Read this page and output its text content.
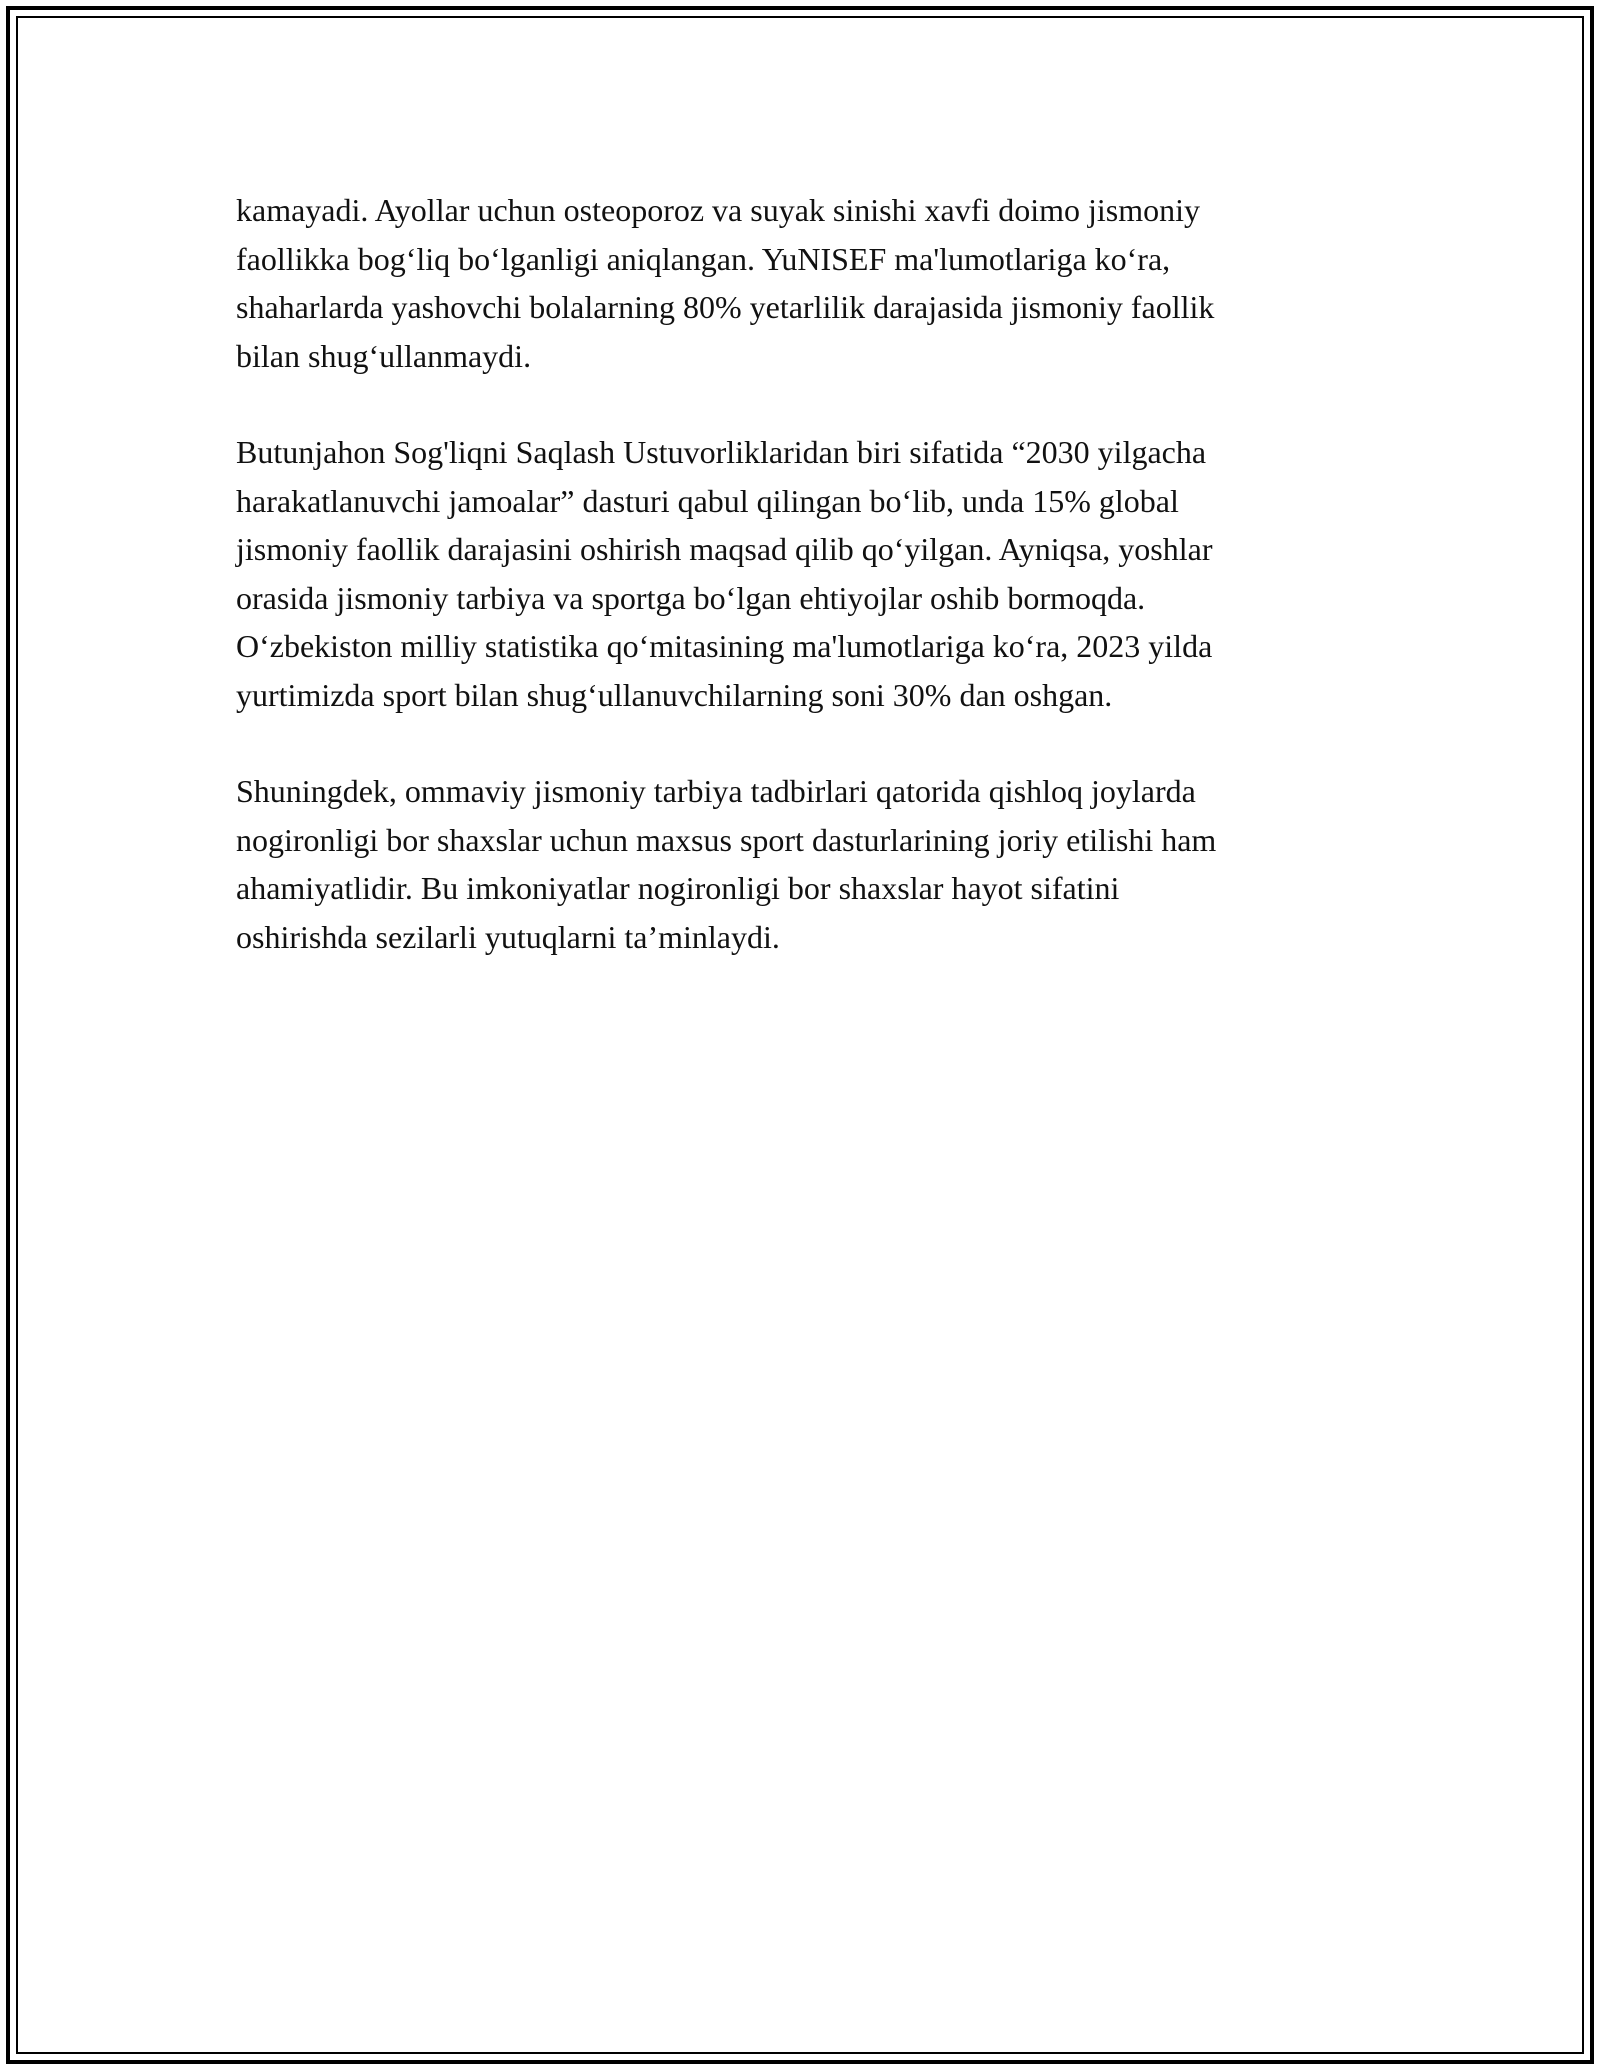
kamayadi. Ayollar uchun osteoporoz va suyak sinishi xavfi doimo jismoniy
faollikka bog‘liq bo‘lganligi aniqlangan. YuNISEF ma'lumotlariga ko‘ra,
shaharlarda yashovchi bolalarning 80% yetarlilik darajasida jismoniy faollik
bilan shug‘ullanmaydi.

Butunjahon Sog'liqni Saqlash Ustuvorliklaridan biri sifatida “2030 yilgacha
harakatlanuvchi jamoalar” dasturi qabul qilingan bo‘lib, unda 15% global
jismoniy faollik darajasini oshirish maqsad qilib qo‘yilgan. Ayniqsa, yoshlar
orasida jismoniy tarbiya va sportga bo‘lgan ehtiyojlar oshib bormoqda.
O‘zbekiston milliy statistika qo‘mitasining ma'lumotlariga ko‘ra, 2023 yilda
yurtimizda sport bilan shug‘ullanuvchilarning soni 30% dan oshgan.

Shuningdek, ommaviy jismoniy tarbiya tadbirlari qatorida qishloq joylarda
nogironligi bor shaxslar uchun maxsus sport dasturlarining joriy etilishi ham
ahamiyatlidir. Bu imkoniyatlar nogironligi bor shaxslar hayot sifatini
oshirishda sezilarli yutuqlarni ta’minlaydi.
